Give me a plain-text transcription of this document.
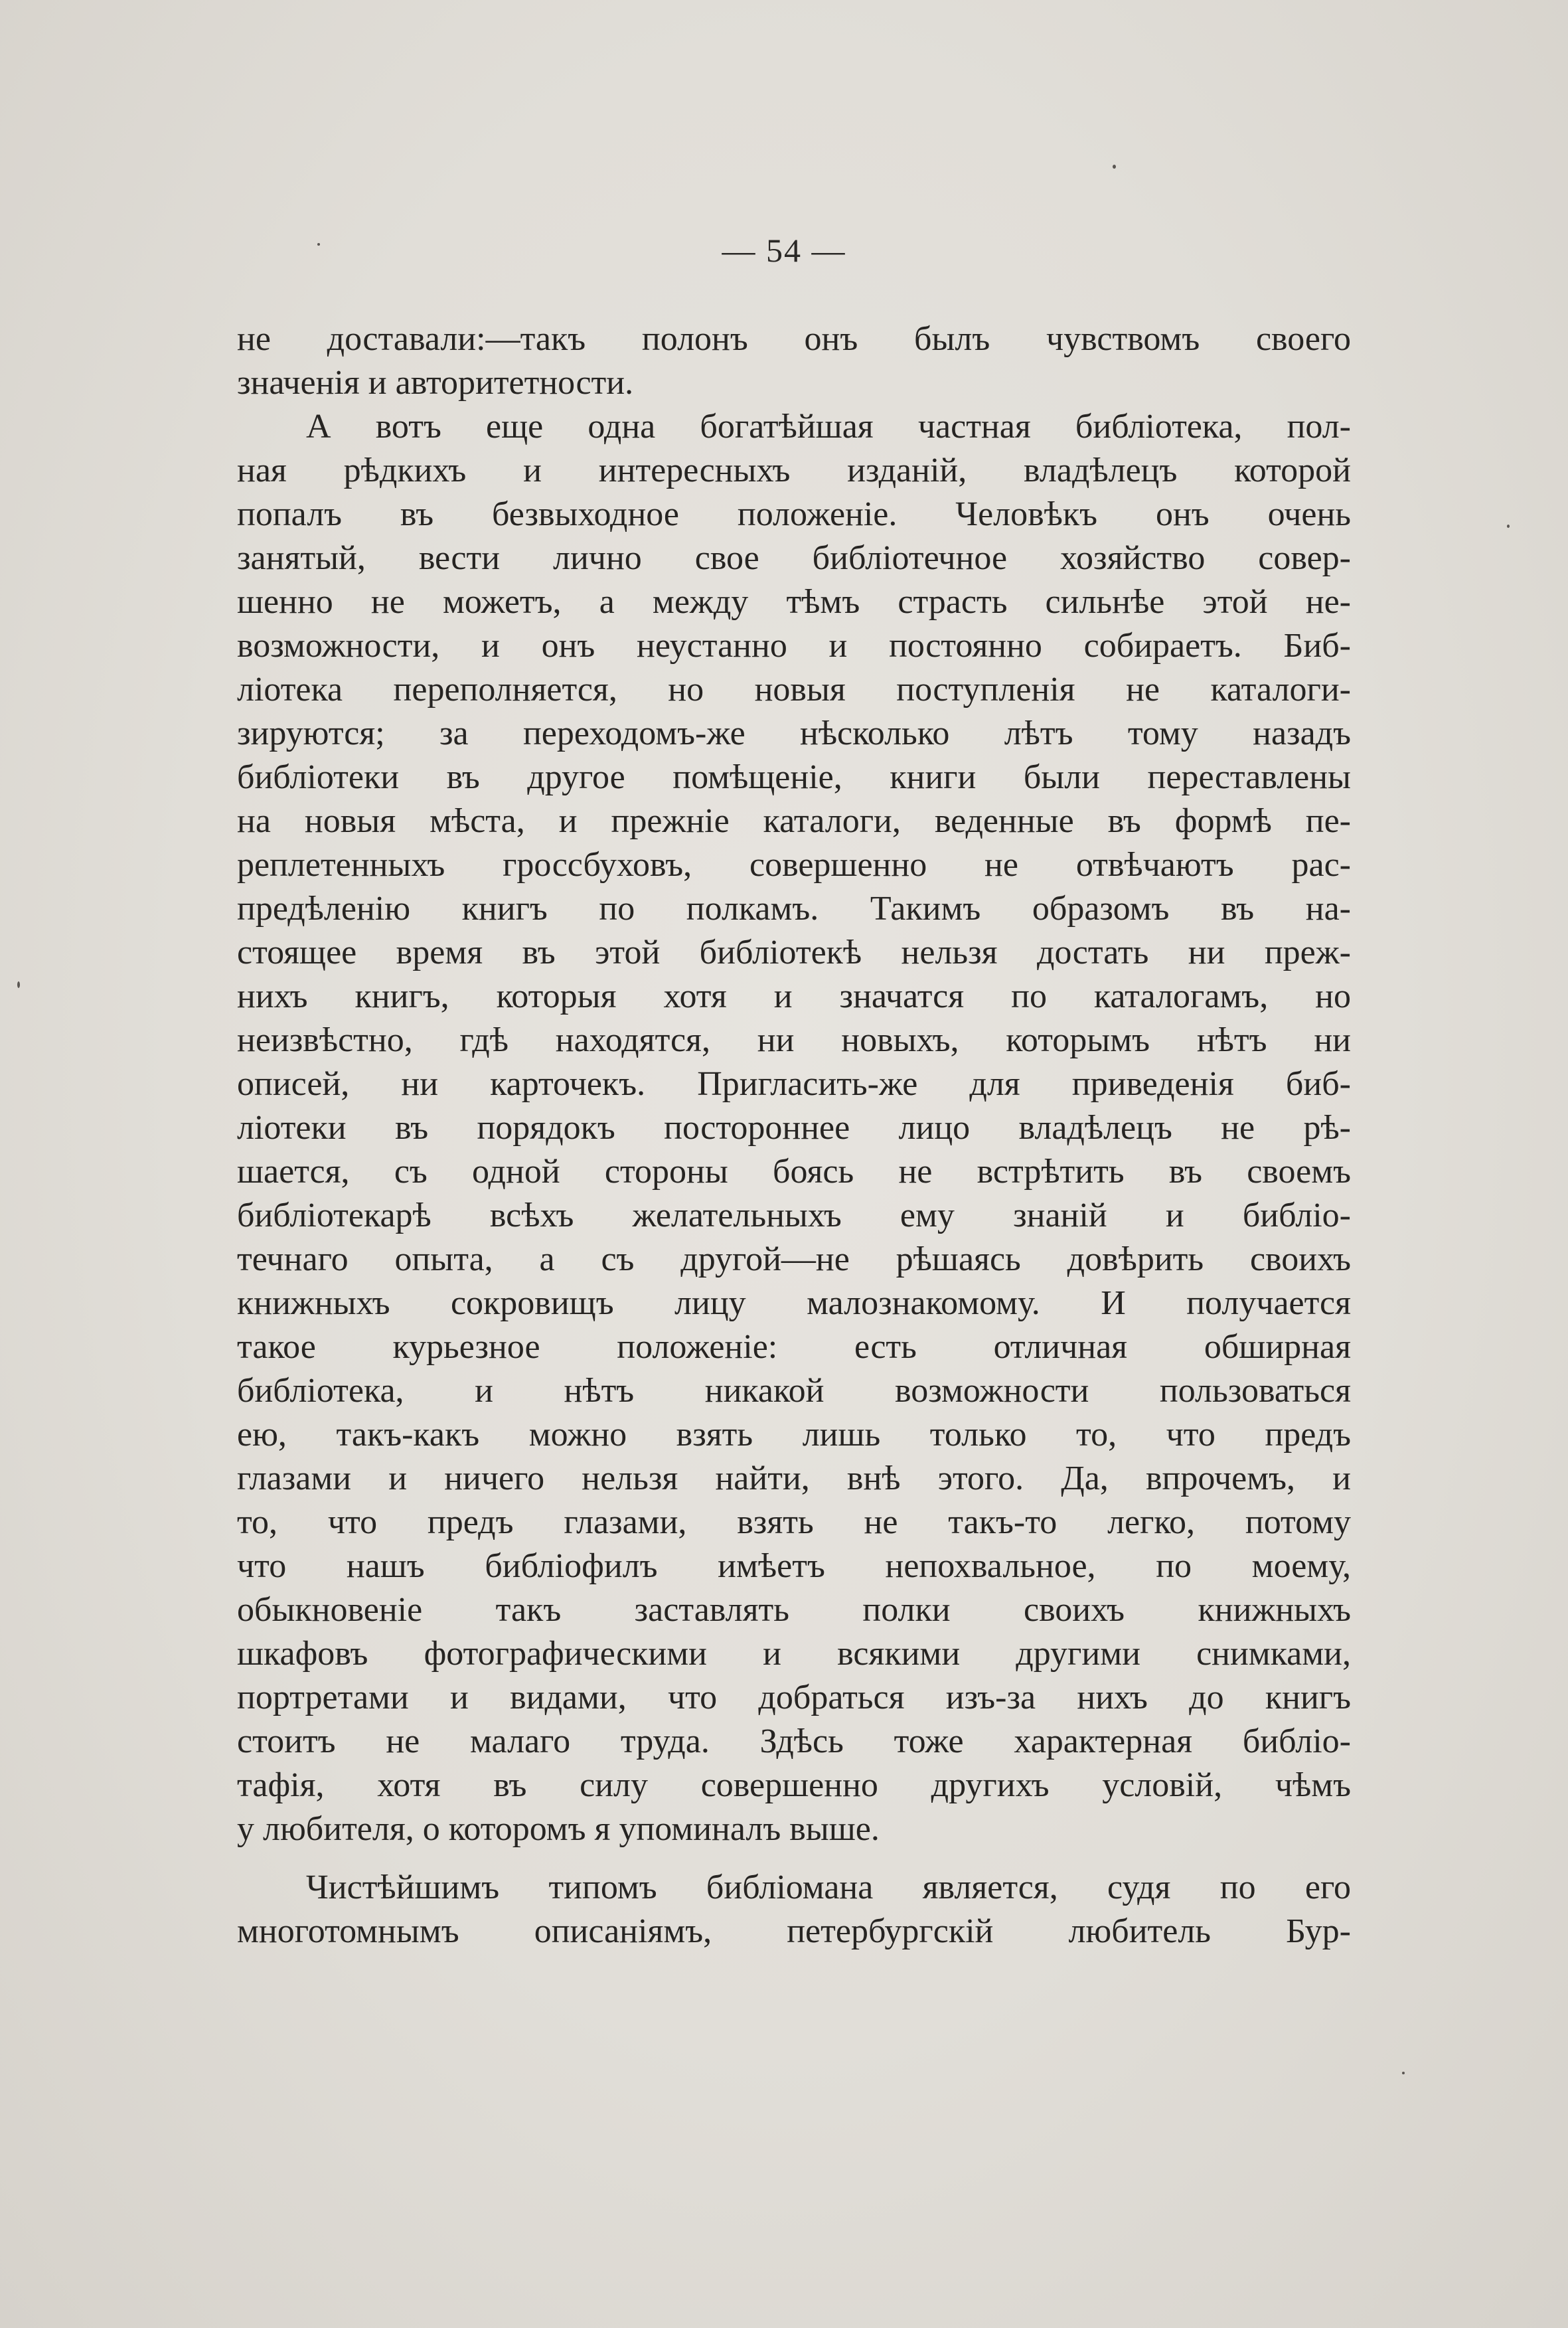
— 54 —
не доставали:—такъ полонъ онъ былъ чувствомъ своего
значенія и авторитетности.
А вотъ еще одна богатѣйшая частная библіотека, пол-
ная рѣдкихъ и интересныхъ изданій, владѣлецъ которой
попалъ въ безвыходное положеніе. Человѣкъ онъ очень
занятый, вести лично свое библіотечное хозяйство совер-
шенно не можетъ, а между тѣмъ страсть сильнѣе этой не-
возможности, и онъ неустанно и постоянно собираетъ. Биб-
ліотека переполняется, но новыя поступленія не каталоги-
зируются; за переходомъ-же нѣсколько лѣтъ тому назадъ
библіотеки въ другое помѣщеніе, книги были переставлены
на новыя мѣста, и прежніе каталоги, веденные въ формѣ пе-
реплетенныхъ гроссбуховъ, совершенно не отвѣчаютъ рас-
предѣленію книгъ по полкамъ. Такимъ образомъ въ на-
стоящее время въ этой библіотекѣ нельзя достать ни преж-
нихъ книгъ, которыя хотя и значатся по каталогамъ, но
неизвѣстно, гдѣ находятся, ни новыхъ, которымъ нѣтъ ни
описей, ни карточекъ. Пригласить-же для приведенія биб-
ліотеки въ порядокъ постороннее лицо владѣлецъ не рѣ-
шается, съ одной стороны боясь не встрѣтить въ своемъ
библіотекарѣ всѣхъ желательныхъ ему знаній и библіо-
течнаго опыта, а съ другой—не рѣшаясь довѣрить своихъ
книжныхъ сокровищъ лицу малознакомому. И получается
такое курьезное положеніе: есть отличная обширная
библіотека, и нѣтъ никакой возможности пользоваться
ею, такъ-какъ можно взять лишь только то, что предъ
глазами и ничего нельзя найти, внѣ этого. Да, впрочемъ, и
то, что предъ глазами, взять не такъ-то легко, потому
что нашъ библіофилъ имѣетъ непохвальное, по моему,
обыкновеніе такъ заставлять полки своихъ книжныхъ
шкафовъ фотографическими и всякими другими снимками,
портретами и видами, что добраться изъ-за нихъ до книгъ
стоитъ не малаго труда. Здѣсь тоже характерная библіо-
тафія, хотя въ силу совершенно другихъ условій, чѣмъ
у любителя, о которомъ я упоминалъ выше.
Чистѣйшимъ типомъ библіомана является, судя по его
многотомнымъ описаніямъ, петербургскій любитель Бур-
